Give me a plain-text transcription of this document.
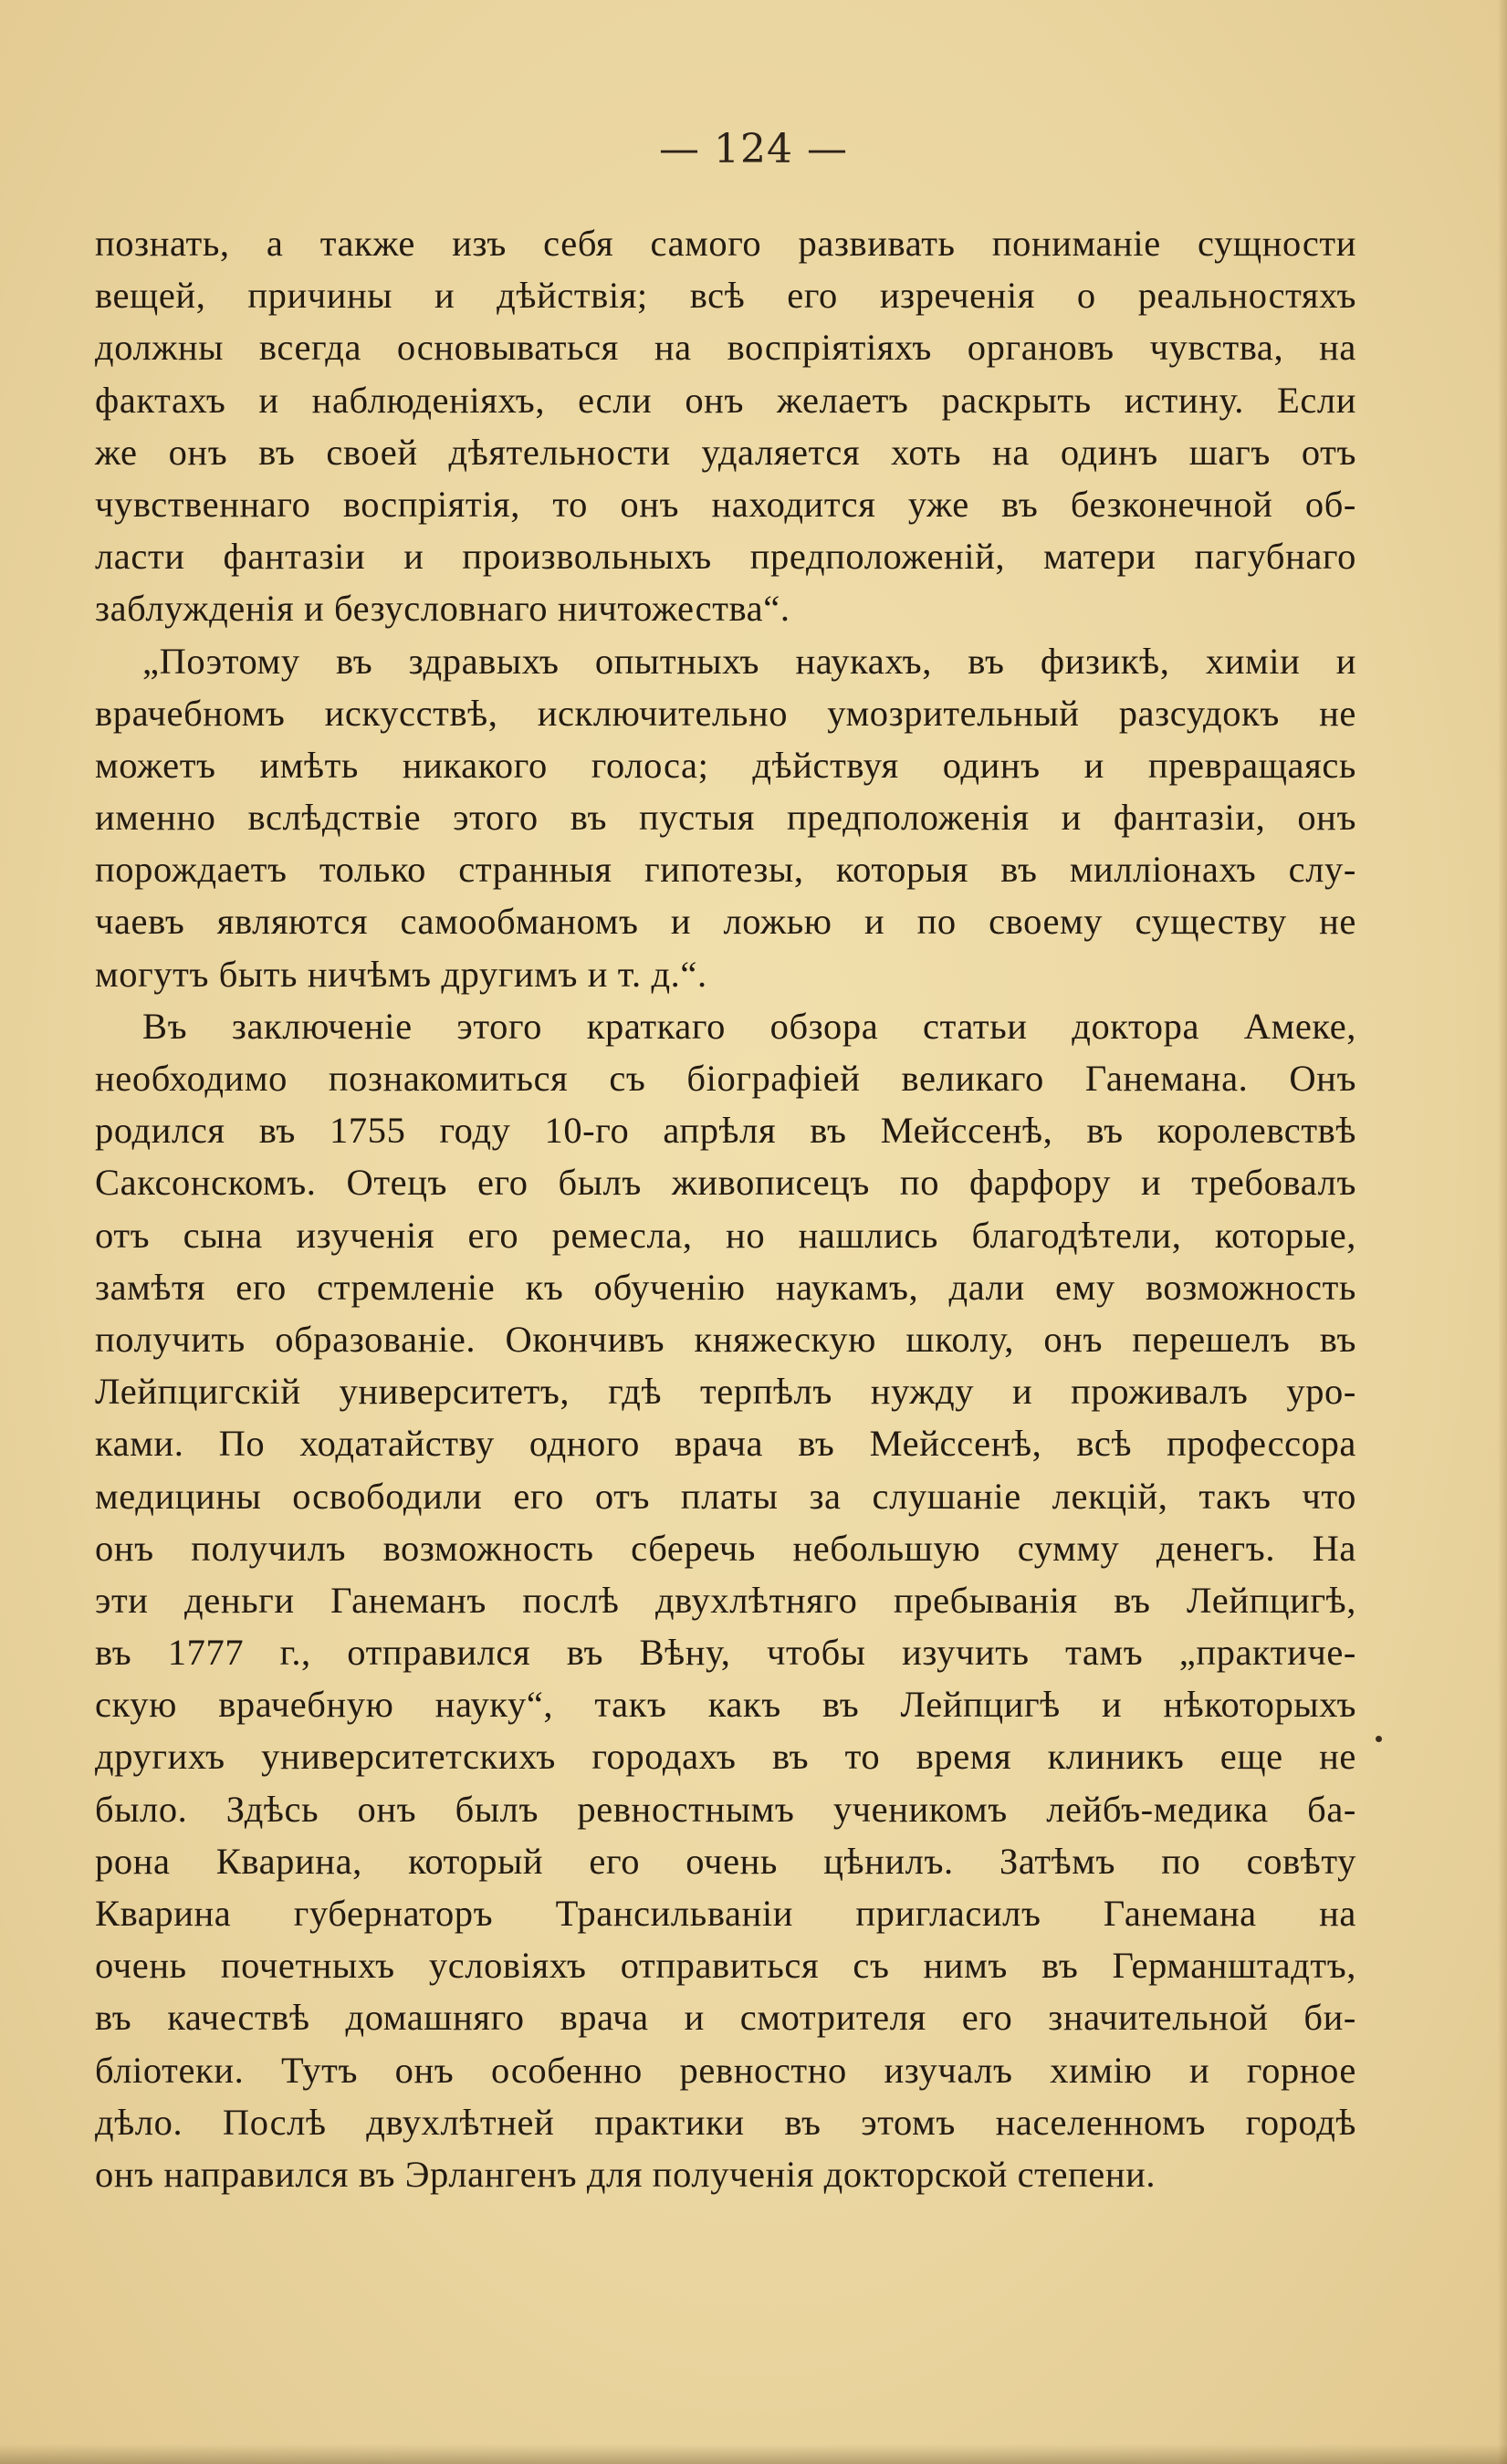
— 124 —
познать, а также изъ себя самого развивать пониманіе сущности
вещей, причины и дѣйствія; всѣ его изреченія о реальностяхъ
должны всегда основываться на воспріятіяхъ органовъ чувства, на
фактахъ и наблюденіяхъ, если онъ желаетъ раскрыть истину. Если
же онъ въ своей дѣятельности удаляется хоть на одинъ шагъ отъ
чувственнаго воспріятія, то онъ находится уже въ безконечной об-
ласти фантазіи и произвольныхъ предположеній, матери пагубнаго
заблужденія и безусловнаго ничтожества“.
„Поэтому въ здравыхъ опытныхъ наукахъ, въ физикѣ, химіи и
врачебномъ искусствѣ, исключительно умозрительный разсудокъ не
можетъ имѣть никакого голоса; дѣйствуя одинъ и превращаясь
именно вслѣдствіе этого въ пустыя предположенія и фантазіи, онъ
порождаетъ только странныя гипотезы, которыя въ милліонахъ слу-
чаевъ являются самообманомъ и ложью и по своему существу не
могутъ быть ничѣмъ другимъ и т. д.“.
Въ заключеніе этого краткаго обзора статьи доктора Амеке,
необходимо познакомиться съ біографіей великаго Ганемана. Онъ
родился въ 1755 году 10-го апрѣля въ Мейссенѣ, въ королевствѣ
Саксонскомъ. Отецъ его былъ живописецъ по фарфору и требовалъ
отъ сына изученія его ремесла, но нашлись благодѣтели, которые,
замѣтя его стремленіе къ обученію наукамъ, дали ему возможность
получить образованіе. Окончивъ княжескую школу, онъ перешелъ въ
Лейпцигскій университетъ, гдѣ терпѣлъ нужду и проживалъ уро-
ками. По ходатайству одного врача въ Мейссенѣ, всѣ профессора
медицины освободили его отъ платы за слушаніе лекцій, такъ что
онъ получилъ возможность сберечь небольшую сумму денегъ. На
эти деньги Ганеманъ послѣ двухлѣтняго пребыванія въ Лейпцигѣ,
въ 1777 г., отправился въ Вѣну, чтобы изучить тамъ „практиче-
скую врачебную науку“, такъ какъ въ Лейпцигѣ и нѣкоторыхъ
другихъ университетскихъ городахъ въ то время клиникъ еще не
было. Здѣсь онъ былъ ревностнымъ ученикомъ лейбъ-медика ба-
рона Кварина, который его очень цѣнилъ. Затѣмъ по совѣту
Кварина губернаторъ Трансильваніи пригласилъ Ганемана на
очень почетныхъ условіяхъ отправиться съ нимъ въ Германштадтъ,
въ качествѣ домашняго врача и смотрителя его значительной би-
бліотеки. Тутъ онъ особенно ревностно изучалъ химію и горное
дѣло. Послѣ двухлѣтней практики въ этомъ населенномъ городѣ
онъ направился въ Эрлангенъ для полученія докторской степени.
